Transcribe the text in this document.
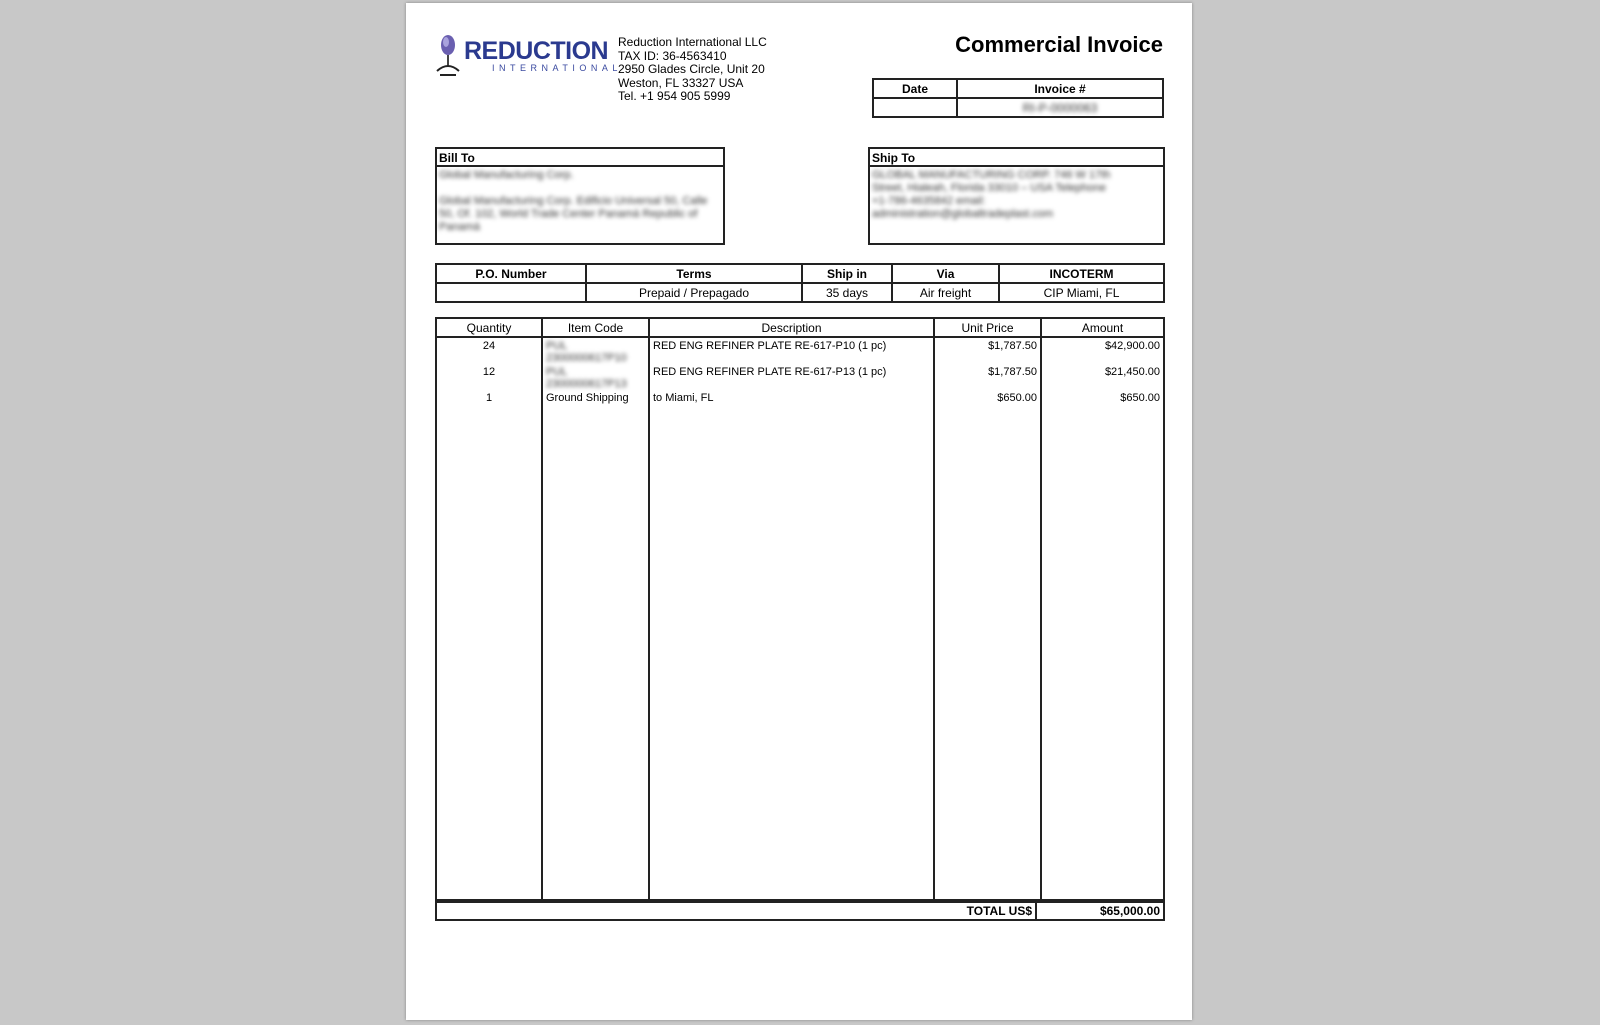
REDUCTION
INTERNATIONAL
Reduction International LLC
TAX ID: 36-4563410
2950 Glades Circle, Unit 20
Weston, FL 33327 USA
Tel. +1 954 905 5999
Commercial Invoice
Date	Invoice #
	RI-P-0000063
Bill To
Global Manufacturing Corp.
Global Manufacturing Corp. Edificio Universal 50, Calle
50, Of. 102, World Trade Center Panamá Republic of
Panamá
Ship To
GLOBAL MANUFACTURING CORP. 746 W 17th
Street, Hialeah, Florida 33010 – USA Telephone
+1-786-4635842 email:
administration@globaltradeplast.com
P.O. Number	Terms	Ship in	Via	INCOTERM
	Prepaid / Prepagado	35 days	Air freight	CIP Miami, FL
Quantity	Item Code	Description	Unit Price	Amount
24	PUL 2300000617P10	RED ENG REFINER PLATE RE-617-P10 (1 pc)	$1,787.50	$42,900.00
12	PUL 2300000617P13	RED ENG REFINER PLATE RE-617-P13 (1 pc)	$1,787.50	$21,450.00
1	Ground Shipping	to Miami, FL	$650.00	$650.00

TOTAL US$	$65,000.00
